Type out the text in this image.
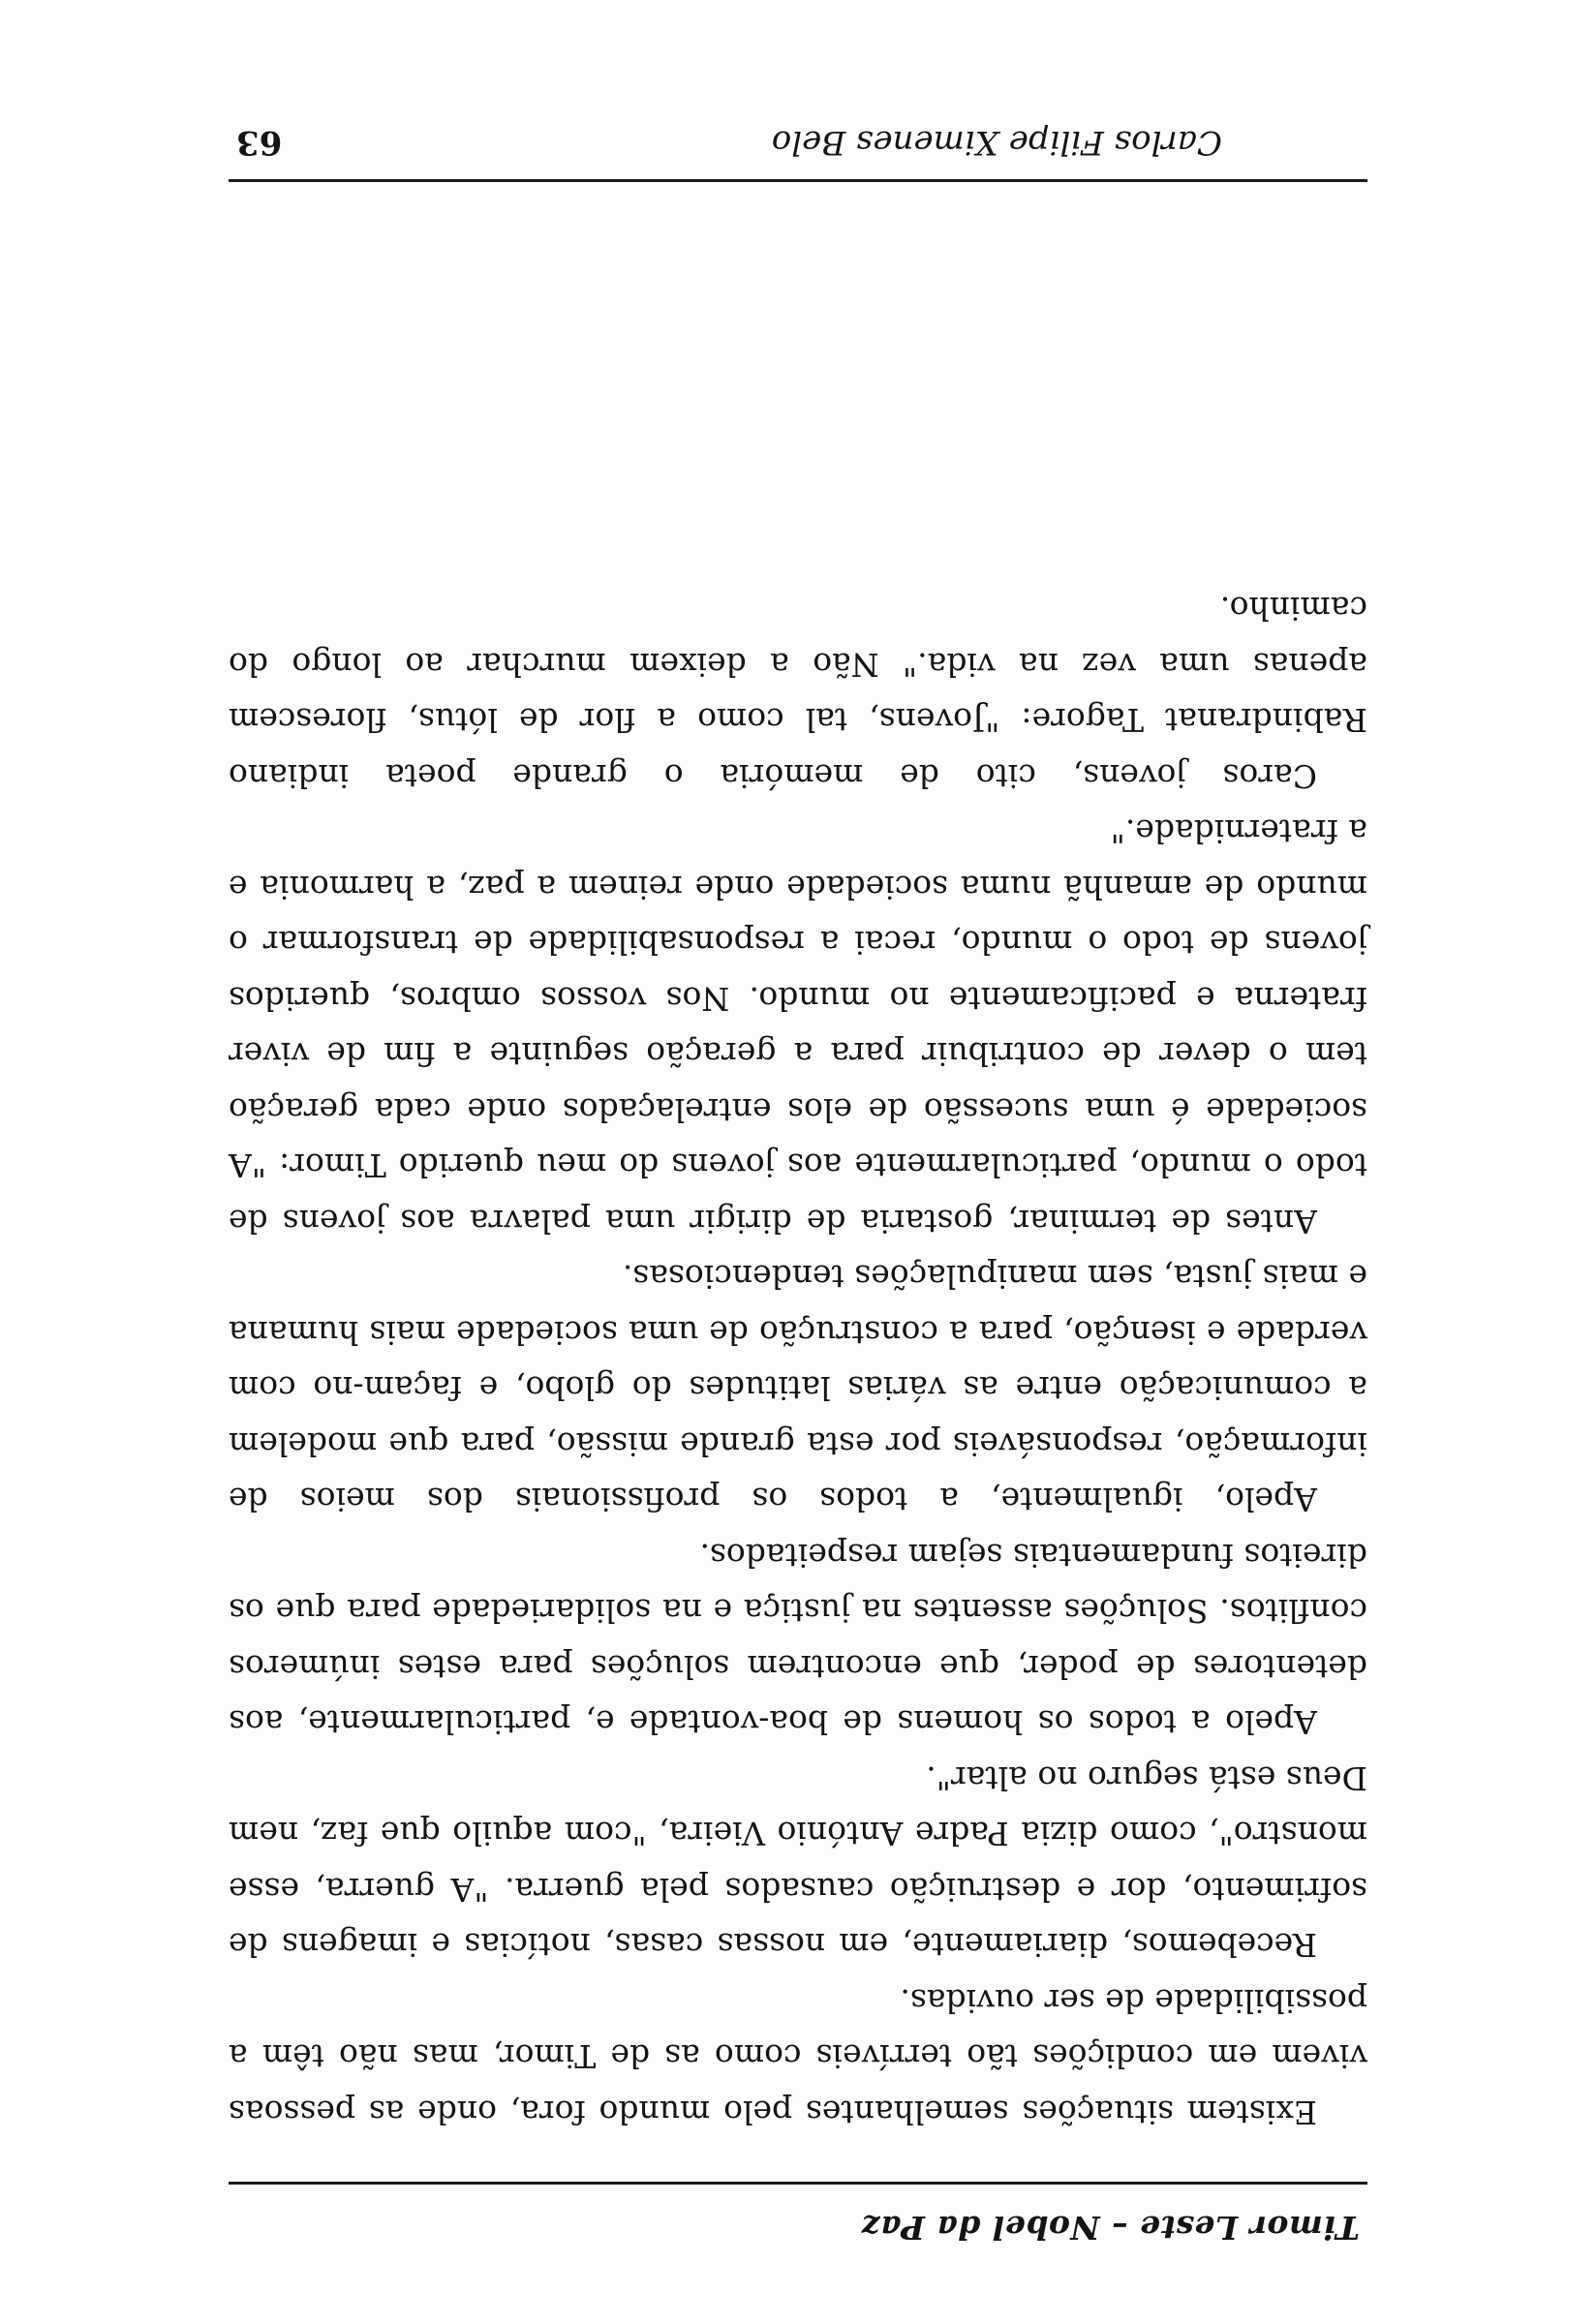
Timor Leste – Nobel da Paz

Existem situações semelhantes pelo mundo fora, onde as pessoas vivem em condições tão terríveis como as de Timor, mas não têm a possibilidade de ser ouvidas.

Recebemos, diariamente, em nossas casas, notícias e imagens de sofrimento, dor e destruição causados pela guerra. "A guerra, esse monstro", como dizia Padre António Vieira, "com aquilo que faz, nem Deus está seguro no altar".

Apelo a todos os homens de boa-vontade e, particularmente, aos detentores de poder, que encontrem soluções para estes inúmeros conflitos. Soluções assentes na justiça e na solidariedade para que os direitos fundamentais sejam respeitados.

Apelo, igualmente, a todos os profissionais dos meios de informação, responsáveis por esta grande missão, para que modelem a comunicação entre as várias latitudes do globo, e façam-no com verdade e isenção, para a construção de uma sociedade mais humana e mais justa, sem manipulações tendenciosas.

Antes de terminar, gostaria de dirigir uma palavra aos jovens de todo o mundo, particularmente aos jovens do meu querido Timor: "A sociedade é uma sucessão de elos entrelaçados onde cada geração tem o dever de contribuir para a geração seguinte a fim de viver fraterna e pacificamente no mundo. Nos vossos ombros, queridos jovens de todo o mundo, recai a responsabilidade de transformar o mundo de amanhã numa sociedade onde reinem a paz, a harmonia e a fraternidade."

Caros jovens, cito de memória o grande poeta indiano Rabindranat Tagore: "Jovens, tal como a flor de lótus, florescem apenas uma vez na vida." Não a deixem murchar ao longo do caminho.

Carlos Filipe Ximenes Belo
63
